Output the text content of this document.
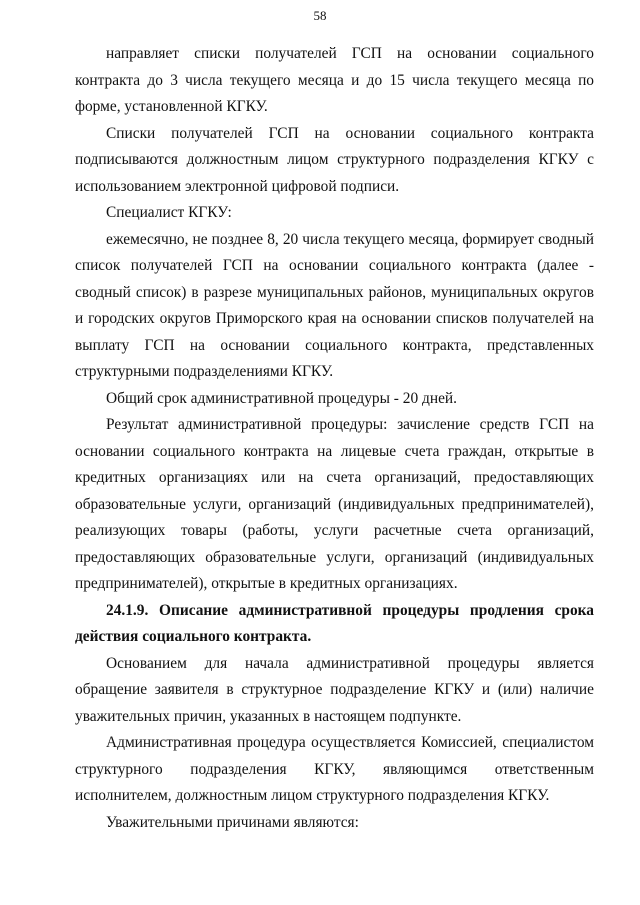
58

направляет списки получателей ГСП на основании социального контракта до 3 числа текущего месяца и до 15 числа текущего месяца по форме, установленной КГКУ.

Списки получателей ГСП на основании социального контракта подписываются должностным лицом структурного подразделения КГКУ с использованием электронной цифровой подписи.

Специалист КГКУ:

ежемесячно, не позднее 8, 20 числа текущего месяца, формирует сводный список получателей ГСП на основании социального контракта (далее - сводный список) в разрезе муниципальных районов, муниципальных округов и городских округов Приморского края на основании списков получателей на выплату ГСП на основании социального контракта, представленных структурными подразделениями КГКУ.

Общий срок административной процедуры - 20 дней.

Результат административной процедуры: зачисление средств ГСП на основании социального контракта на лицевые счета граждан, открытые в кредитных организациях или на счета организаций, предоставляющих образовательные услуги, организаций (индивидуальных предпринимателей), реализующих товары (работы, услуги расчетные счета организаций, предоставляющих образовательные услуги, организаций (индивидуальных предпринимателей), открытые в кредитных организациях.

24.1.9. Описание административной процедуры продления срока действия социального контракта.

Основанием для начала административной процедуры является обращение заявителя в структурное подразделение КГКУ и (или) наличие уважительных причин, указанных в настоящем подпункте.

Административная процедура осуществляется Комиссией, специалистом структурного подразделения КГКУ, являющимся ответственным исполнителем, должностным лицом структурного подразделения КГКУ.

Уважительными причинами являются:
